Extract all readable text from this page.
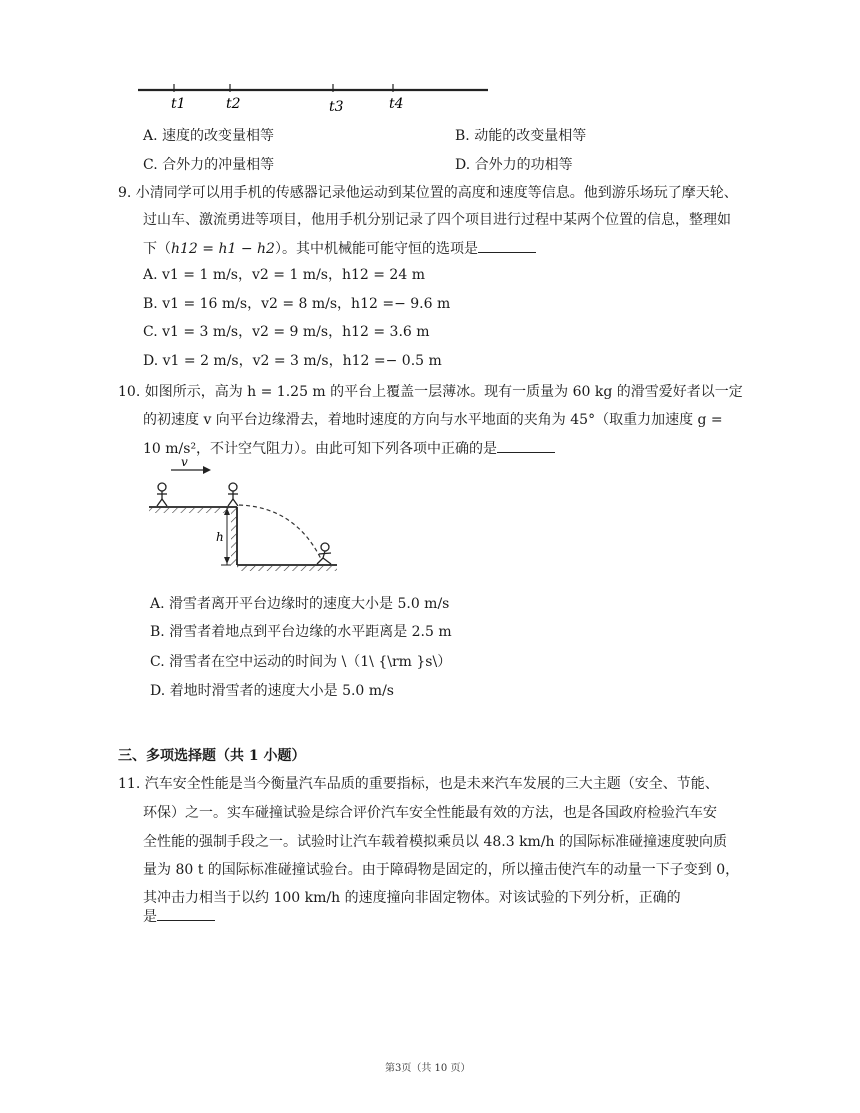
t1	t2	t3	t4
A. 速度的改变量相等	B. 动能的改变量相等
C. 合外力的冲量相等	D. 合外力的功相等
9. 小清同学可以用手机的传感器记录他运动到某位置的高度和速度等信息。他到游乐场玩了摩天轮、
过山车、激流勇进等项目，他用手机分别记录了四个项目进行过程中某两个位置的信息，整理如
下（h12 = h1 − h2）。其中机械能可能守恒的选项是
A. v1 = 1 m/s，v2 = 1 m/s，h12 = 24 m
B. v1 = 16 m/s，v2 = 8 m/s，h12 =− 9.6 m
C. v1 = 3 m/s，v2 = 9 m/s，h12 = 3.6 m
D. v1 = 2 m/s，v2 = 3 m/s，h12 =− 0.5 m
10. 如图所示，高为 h = 1.25 m 的平台上覆盖一层薄冰。现有一质量为 60 kg 的滑雪爱好者以一定
的初速度 v 向平台边缘滑去，着地时速度的方向与水平地面的夹角为 45°（取重力加速度 g =
10 m/s²，不计空气阻力）。由此可知下列各项中正确的是
v
h
A. 滑雪者离开平台边缘时的速度大小是 5.0 m/s
B. 滑雪者着地点到平台边缘的水平距离是 2.5 m
C. 滑雪者在空中运动的时间为 \（1\ {\rm }s\）
D. 着地时滑雪者的速度大小是 5.0 m/s
三、多项选择题（共 1 小题）
11. 汽车安全性能是当今衡量汽车品质的重要指标，也是未来汽车发展的三大主题（安全、节能、
环保）之一。实车碰撞试验是综合评价汽车安全性能最有效的方法，也是各国政府检验汽车安
全性能的强制手段之一。试验时让汽车载着模拟乘员以 48.3 km/h 的国际标准碰撞速度驶向质
量为 80 t 的国际标准碰撞试验台。由于障碍物是固定的，所以撞击使汽车的动量一下子变到 0，
其冲击力相当于以约 100 km/h 的速度撞向非固定物体。对该试验的下列分析，正确的
是
第3页（共 10 页）
